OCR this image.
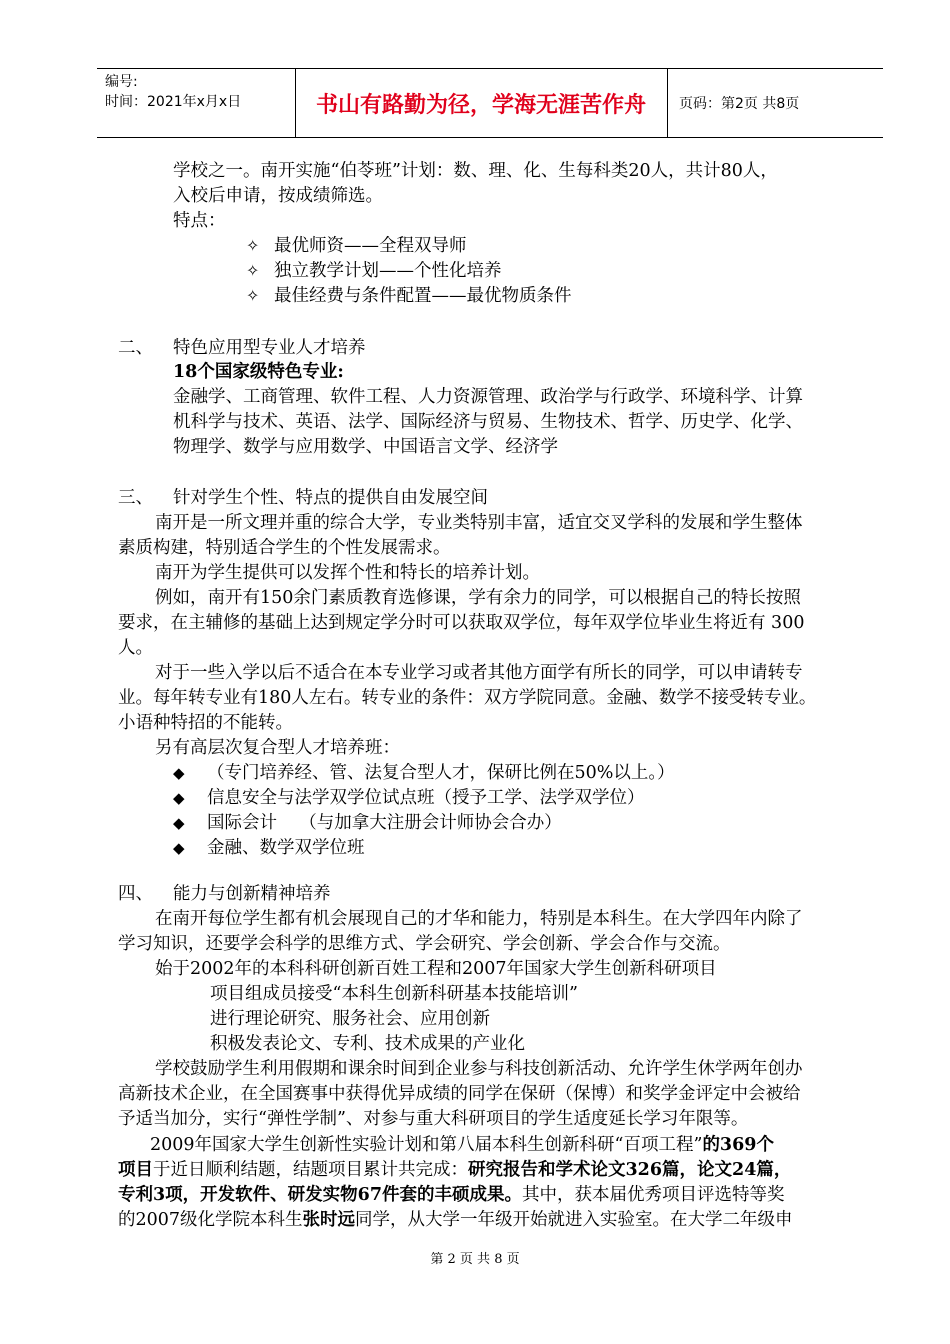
编号:
时间：2021年x月x日	书山有路勤为径，学海无涯苦作舟	页码：第2页 共8页
学校之一。南开实施“伯苓班”计划：数、理、化、生每科类20人，共计80人，
入校后申请，按成绩筛选。
特点：
✧ 最优师资——全程双导师
✧ 独立教学计划——个性化培养
✧ 最佳经费与条件配置——最优物质条件
二、 特色应用型专业人才培养
18个国家级特色专业:
金融学、工商管理、软件工程、人力资源管理、政治学与行政学、环境科学、计算
机科学与技术、英语、法学、国际经济与贸易、生物技术、哲学、历史学、化学、
物理学、数学与应用数学、中国语言文学、经济学
三、 针对学生个性、特点的提供自由发展空间
南开是一所文理并重的综合大学，专业类特别丰富，适宜交叉学科的发展和学生整体
素质构建，特别适合学生的个性发展需求。
南开为学生提供可以发挥个性和特长的培养计划。
例如，南开有150余门素质教育选修课，学有余力的同学，可以根据自己的特长按照
要求，在主辅修的基础上达到规定学分时可以获取双学位，每年双学位毕业生将近有 300
人。
对于一些入学以后不适合在本专业学习或者其他方面学有所长的同学，可以申请转专
业。每年转专业有180人左右。转专业的条件：双方学院同意。金融、数学不接受转专业。
小语种特招的不能转。
另有高层次复合型人才培养班：
◆ （专门培养经、管、法复合型人才，保研比例在50%以上。）
◆ 信息安全与法学双学位试点班（授予工学、法学双学位）
◆ 国际会计    （与加拿大注册会计师协会合办）
◆ 金融、数学双学位班
四、 能力与创新精神培养
在南开每位学生都有机会展现自己的才华和能力，特别是本科生。在大学四年内除了
学习知识，还要学会科学的思维方式、学会研究、学会创新、学会合作与交流。
始于2002年的本科科研创新百姓工程和2007年国家大学生创新科研项目
项目组成员接受“本科生创新科研基本技能培训”
进行理论研究、服务社会、应用创新
积极发表论文、专利、技术成果的产业化
学校鼓励学生利用假期和课余时间到企业参与科技创新活动、允许学生休学两年创办
高新技术企业，在全国赛事中获得优异成绩的同学在保研（保博）和奖学金评定中会被给
予适当加分，实行“弹性学制”、对参与重大科研项目的学生适度延长学习年限等。
2009年国家大学生创新性实验计划和第八届本科生创新科研“百项工程”的369个
项目于近日顺利结题，结题项目累计共完成：研究报告和学术论文326篇，论文24篇，
专利3项，开发软件、研发实物67件套的丰硕成果。其中，获本届优秀项目评选特等奖
的2007级化学院本科生张时远同学，从大学一年级开始就进入实验室。在大学二年级申
第 2 页 共 8 页
